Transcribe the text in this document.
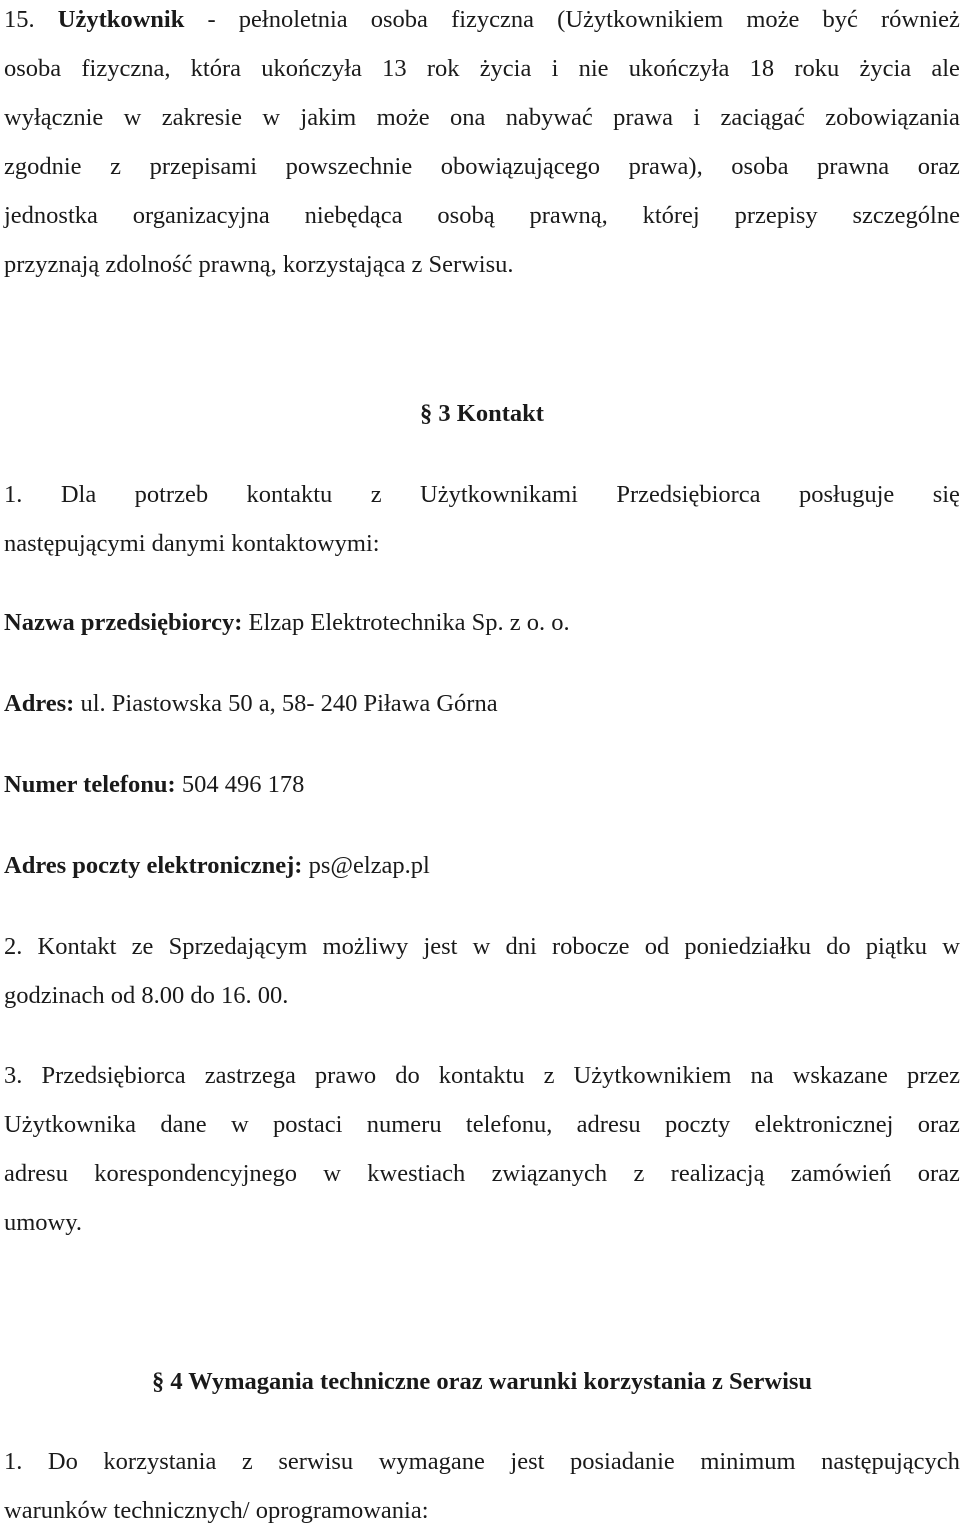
15. Użytkownik - pełnoletnia osoba fizyczna (Użytkownikiem może być również
osoba fizyczna, która ukończyła 13 rok życia i nie ukończyła 18 roku życia ale
wyłącznie w zakresie w jakim może ona nabywać prawa i zaciągać zobowiązania
zgodnie z przepisami powszechnie obowiązującego prawa), osoba prawna oraz
jednostka organizacyjna niebędąca osobą prawną, której przepisy szczególne
przyznają zdolność prawną, korzystająca z Serwisu.
§ 3 Kontakt
1. Dla potrzeb kontaktu z Użytkownikami Przedsiębiorca posługuje się
następującymi danymi kontaktowymi:
Nazwa przedsiębiorcy: Elzap Elektrotechnika Sp. z o. o.
Adres: ul. Piastowska 50 a, 58- 240 Piława Górna
Numer telefonu: 504 496 178
Adres poczty elektronicznej: ps@elzap.pl
2. Kontakt ze Sprzedającym możliwy jest w dni robocze od poniedziałku do piątku w
godzinach od 8.00 do 16. 00.
3. Przedsiębiorca zastrzega prawo do kontaktu z Użytkownikiem na wskazane przez
Użytkownika dane w postaci numeru telefonu, adresu poczty elektronicznej oraz
adresu korespondencyjnego w kwestiach związanych z realizacją zamówień oraz
umowy.
§ 4 Wymagania techniczne oraz warunki korzystania z Serwisu
1. Do korzystania z serwisu wymagane jest posiadanie minimum następujących
warunków technicznych/ oprogramowania:
